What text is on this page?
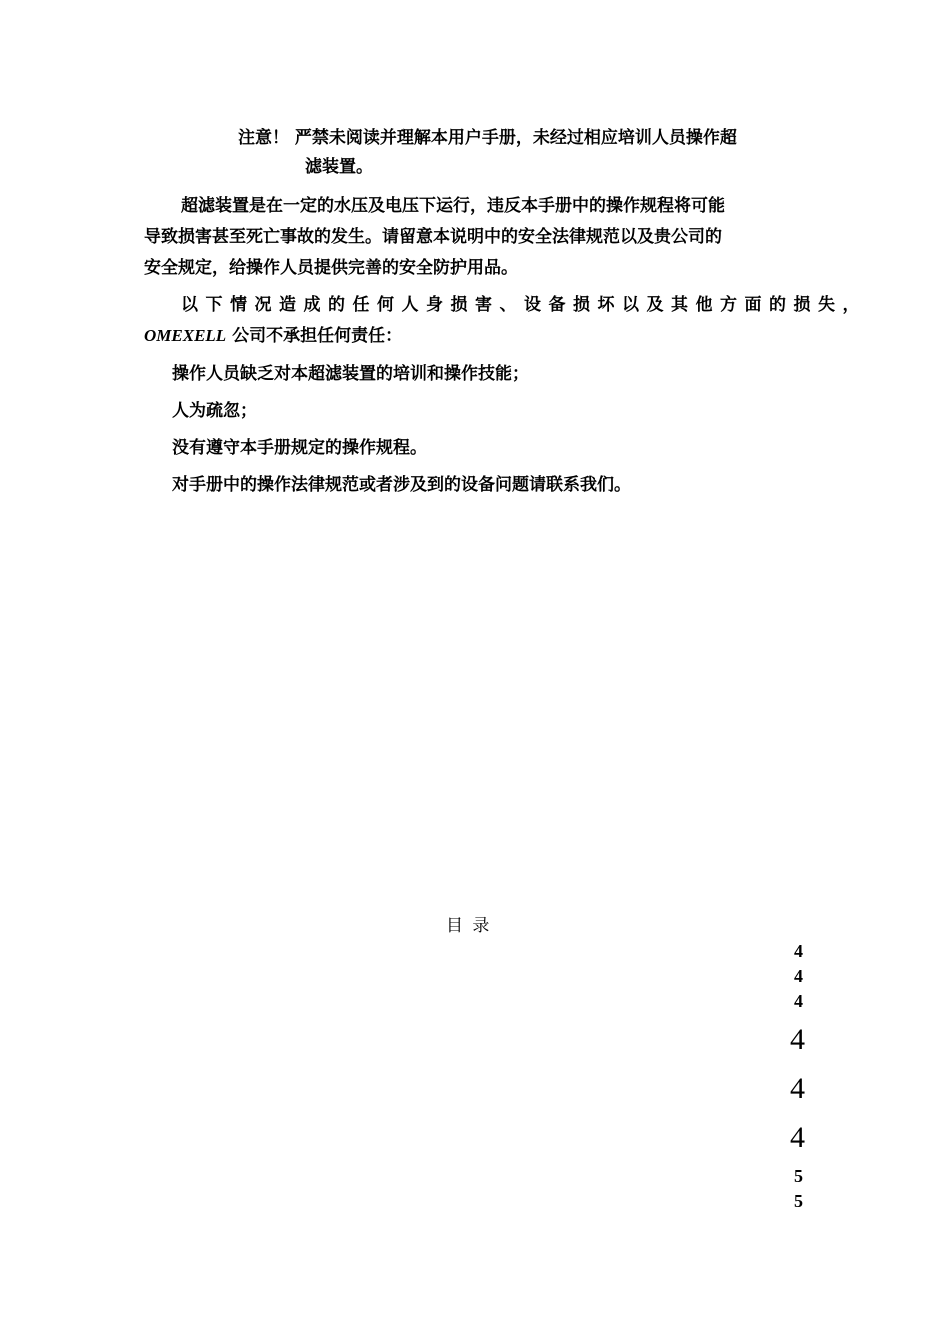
注意！ 严禁未阅读并理解本用户手册，未经过相应培训人员操作超
滤装置。
超滤装置是在一定的水压及电压下运行，违反本手册中的操作规程将可能
导致损害甚至死亡事故的发生。请留意本说明中的安全法律规范以及贵公司的
安全规定，给操作人员提供完善的安全防护用品。
以下情况造成的任何人身损害、设备损坏以及其他方面的损失，
OMEXELL 公司不承担任何责任：
操作人员缺乏对本超滤装置的培训和操作技能；
人为疏忽；
没有遵守本手册规定的操作规程。
对手册中的操作法律规范或者涉及到的设备问题请联系我们。
目 录
4
4
4
4
4
4
5
5
